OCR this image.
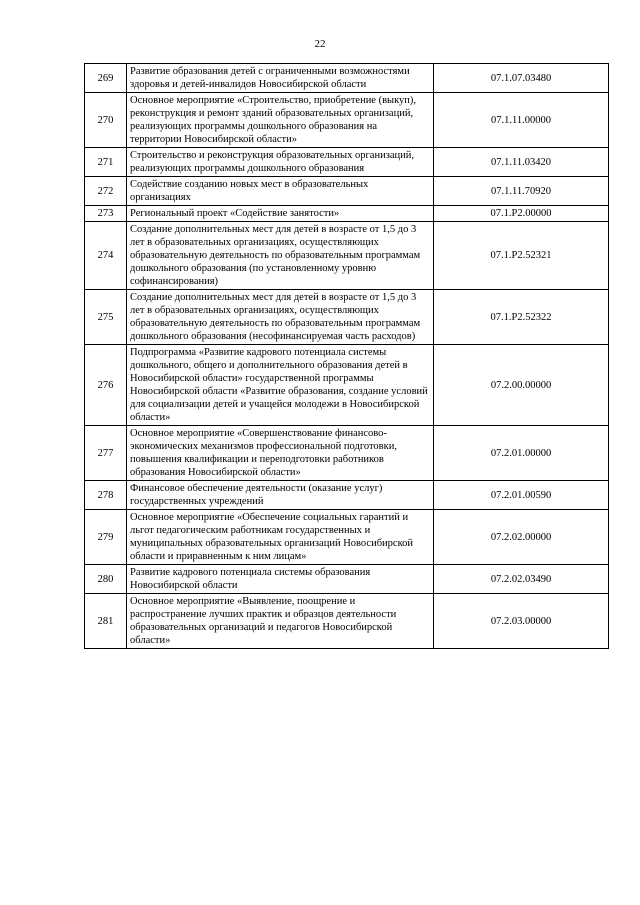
22
269	Развитие образования детей с ограниченными возможностями здоровья и детей-инвалидов Новосибирской области	07.1.07.03480
270	Основное мероприятие «Строительство, приобретение (выкуп), реконструкция и ремонт зданий образовательных организаций, реализующих программы дошкольного образования на территории Новосибирской области»	07.1.11.00000
271	Строительство и реконструкция образовательных организаций, реализующих программы дошкольного образования	07.1.11.03420
272	Содействие созданию новых мест в образовательных организациях	07.1.11.70920
273	Региональный проект «Содействие занятости»	07.1.P2.00000
274	Создание дополнительных мест для детей в возрасте от 1,5 до 3 лет в образовательных организациях, осуществляющих образовательную деятельность по образовательным программам дошкольного образования (по установленному уровню софинансирования)	07.1.P2.52321
275	Создание дополнительных мест для детей в возрасте от 1,5 до 3 лет в образовательных организациях, осуществляющих образовательную деятельность по образовательным программам дошкольного образования (несофинансируемая часть расходов)	07.1.P2.52322
276	Подпрограмма «Развитие кадрового потенциала системы дошкольного, общего и дополнительного образования детей в Новосибирской области» государственной программы Новосибирской области «Развитие образования, создание условий для социализации детей и учащейся молодежи в Новосибирской области»	07.2.00.00000
277	Основное мероприятие «Совершенствование финансово-экономических механизмов профессиональной подготовки, повышения квалификации и переподготовки работников образования Новосибирской области»	07.2.01.00000
278	Финансовое обеспечение деятельности (оказание услуг) государственных учреждений	07.2.01.00590
279	Основное мероприятие «Обеспечение социальных гарантий и льгот педагогическим работникам государственных и муниципальных образовательных организаций Новосибирской области и приравненным к ним лицам»	07.2.02.00000
280	Развитие кадрового потенциала системы образования Новосибирской области	07.2.02.03490
281	Основное мероприятие «Выявление, поощрение и распространение лучших практик и образцов деятельности образовательных организаций и педагогов Новосибирской области»	07.2.03.00000
